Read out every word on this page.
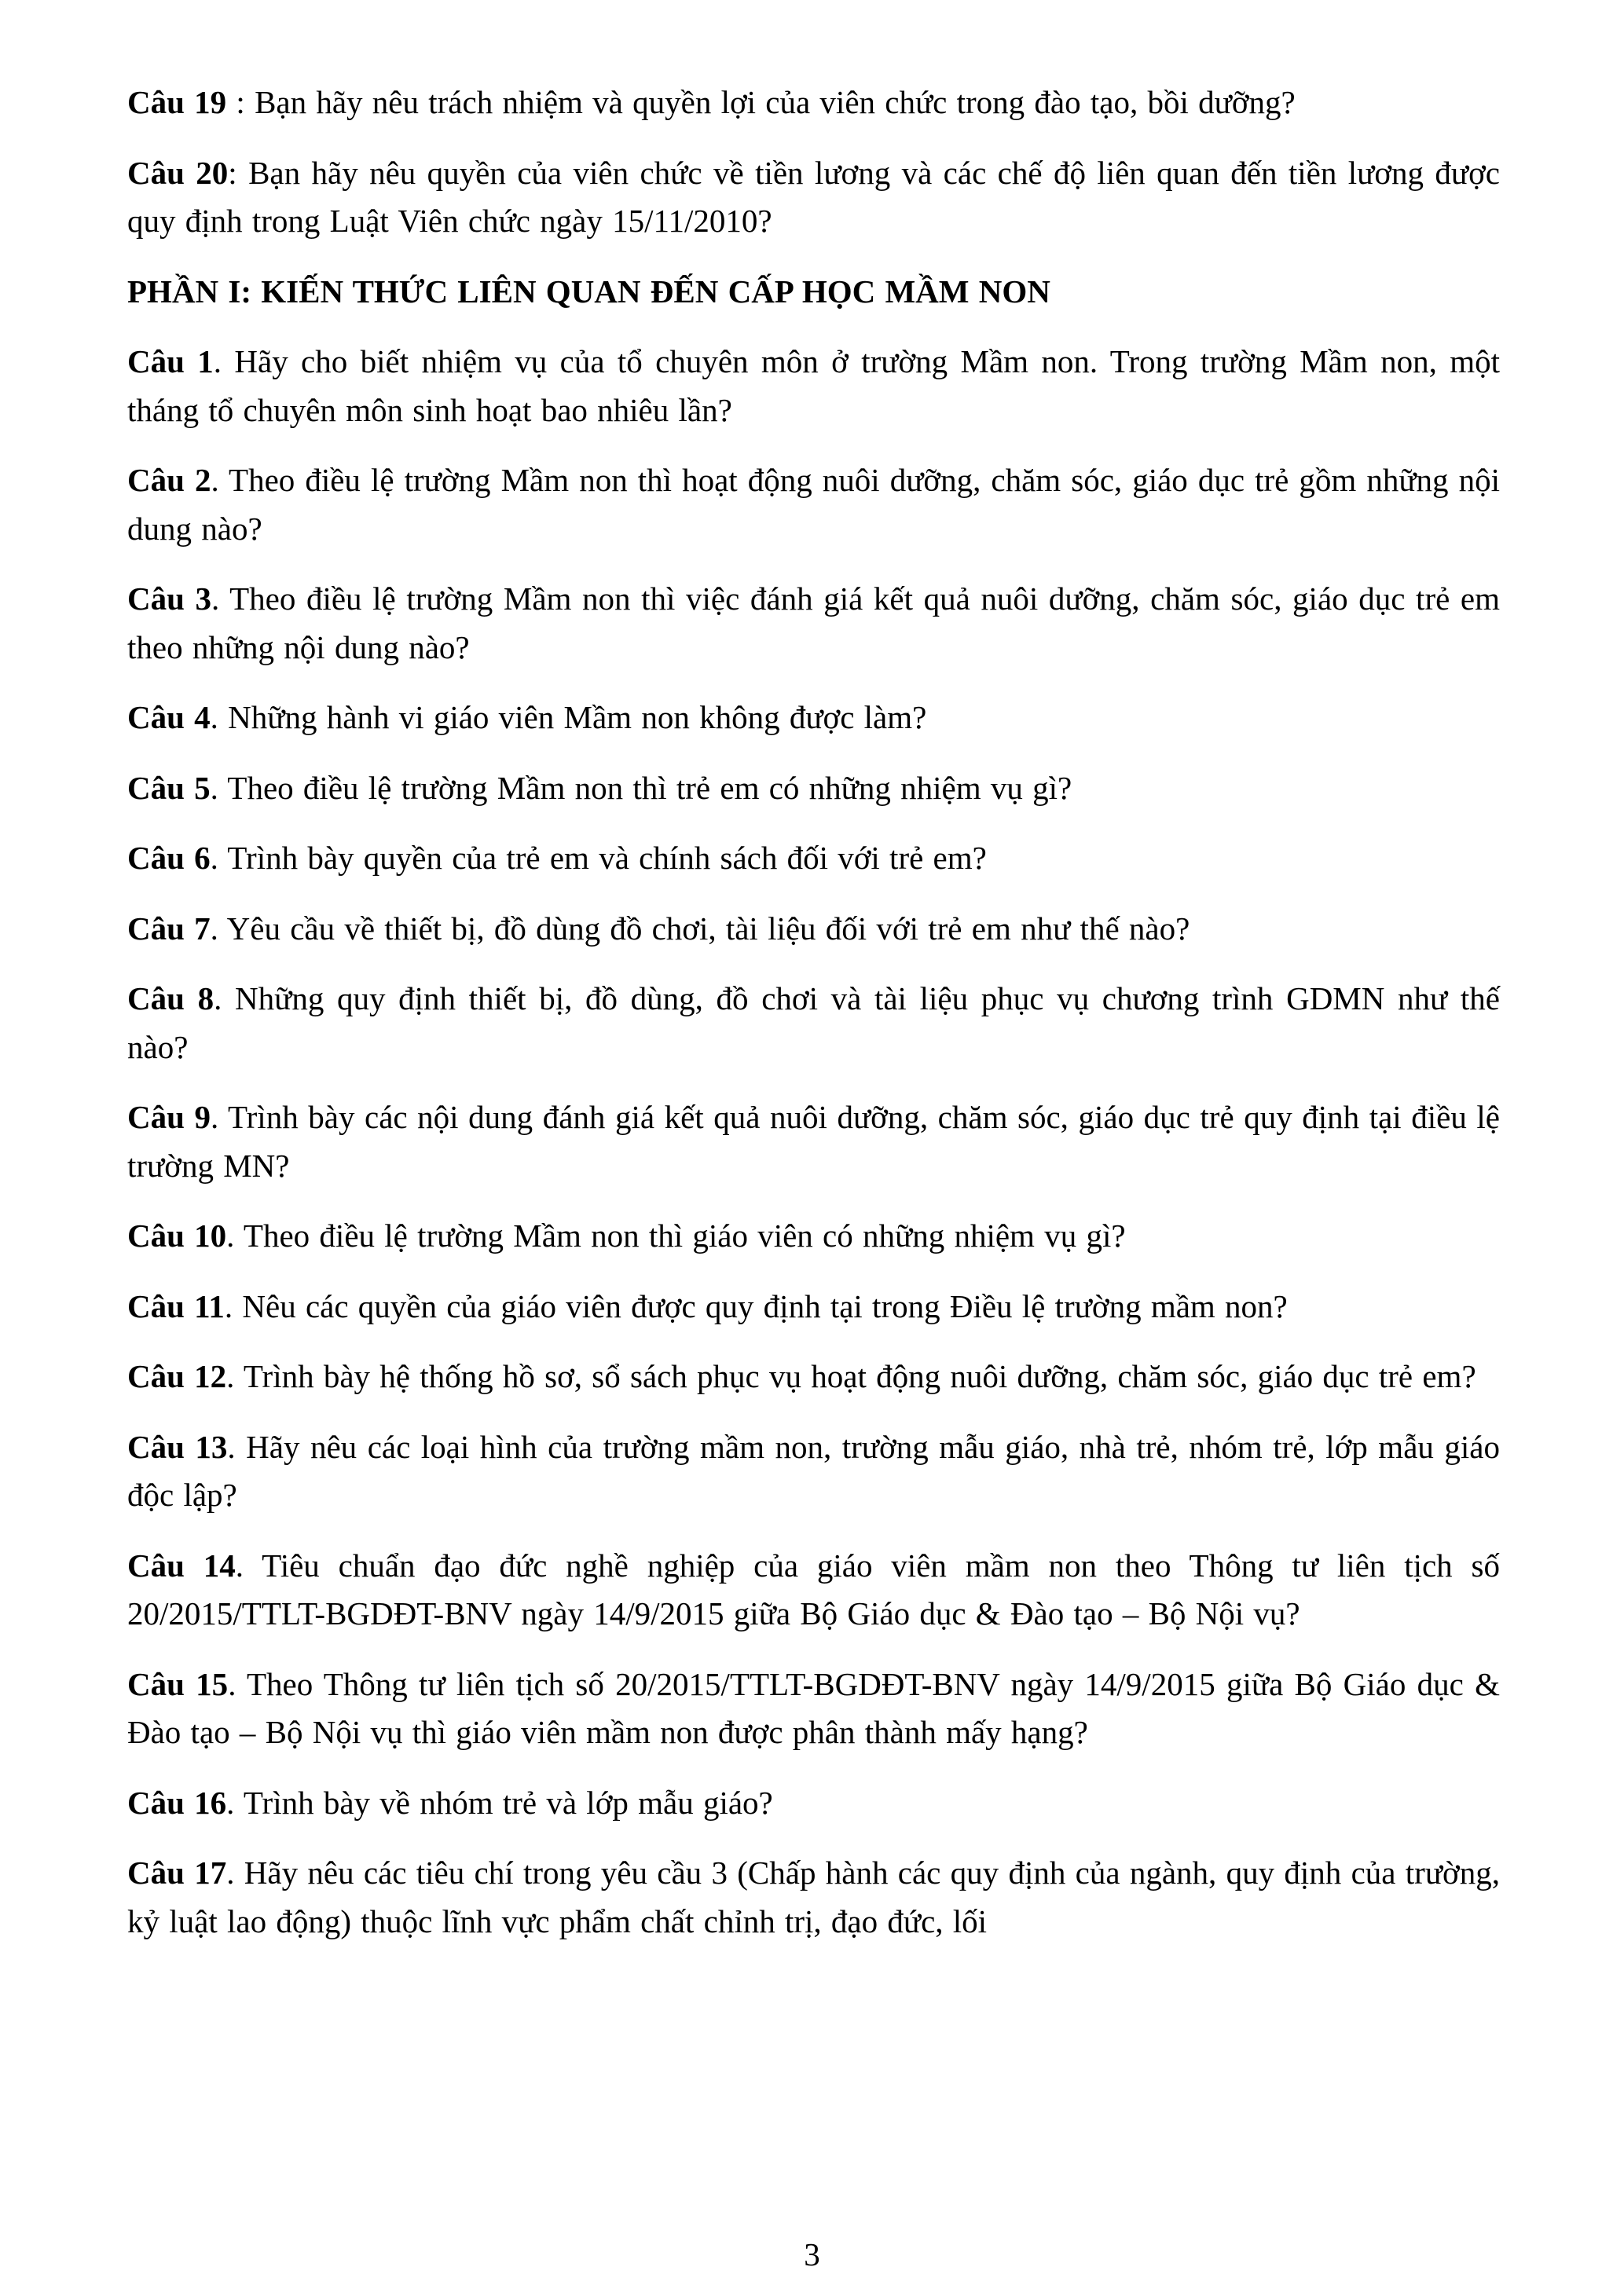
Câu 19 : Bạn hãy nêu trách nhiệm và quyền lợi của viên chức trong đào tạo, bồi dưỡng?

Câu 20: Bạn hãy nêu quyền của viên chức về tiền lương và các chế độ liên quan đến tiền lương được quy định trong Luật Viên chức ngày 15/11/2010?

PHẦN I: KIẾN THỨC LIÊN QUAN ĐẾN CẤP HỌC MẦM NON

Câu 1. Hãy cho biết nhiệm vụ của tổ chuyên môn ở trường Mầm non. Trong trường Mầm non, một tháng tổ chuyên môn sinh hoạt bao nhiêu lần?

Câu 2. Theo điều lệ trường Mầm non thì hoạt động nuôi dưỡng, chăm sóc, giáo dục trẻ gồm những nội dung nào?

Câu 3. Theo điều lệ trường Mầm non thì việc đánh giá kết quả nuôi dưỡng, chăm sóc, giáo dục trẻ em theo những nội dung nào?

Câu 4. Những hành vi giáo viên Mầm non không được làm?

Câu 5. Theo điều lệ trường Mầm non thì trẻ em có những nhiệm vụ gì?

Câu 6. Trình bày quyền của trẻ em và chính sách đối với trẻ em?

Câu 7. Yêu cầu về thiết bị, đồ dùng đồ chơi, tài liệu đối với trẻ em như thế nào?

Câu 8. Những quy định thiết bị, đồ dùng, đồ chơi và tài liệu phục vụ chương trình GDMN như thế nào?

Câu 9. Trình bày các nội dung đánh giá kết quả nuôi dưỡng, chăm sóc, giáo dục trẻ quy định tại điều lệ trường MN?

Câu 10. Theo điều lệ trường Mầm non thì giáo viên có những nhiệm vụ gì?

Câu 11. Nêu các quyền của giáo viên được quy định tại trong Điều lệ trường mầm non?

Câu 12. Trình bày hệ thống hồ sơ, sổ sách phục vụ hoạt động nuôi dưỡng, chăm sóc, giáo dục trẻ em?

Câu 13. Hãy nêu các loại hình của trường mầm non, trường mẫu giáo, nhà trẻ, nhóm trẻ, lớp mẫu giáo độc lập?

Câu 14. Tiêu chuẩn đạo đức nghề nghiệp của giáo viên mầm non theo Thông tư liên tịch số 20/2015/TTLT-BGDĐT-BNV ngày 14/9/2015 giữa Bộ Giáo dục & Đào tạo – Bộ Nội vụ?

Câu 15. Theo Thông tư liên tịch số 20/2015/TTLT-BGDĐT-BNV ngày 14/9/2015 giữa Bộ Giáo dục & Đào tạo – Bộ Nội vụ thì giáo viên mầm non được phân thành mấy hạng?

Câu 16. Trình bày về nhóm trẻ và lớp mẫu giáo?

Câu 17. Hãy nêu các tiêu chí trong yêu cầu 3 (Chấp hành các quy định của ngành, quy định của trường, kỷ luật lao động) thuộc lĩnh vực phẩm chất chỉnh trị, đạo đức, lối

3
